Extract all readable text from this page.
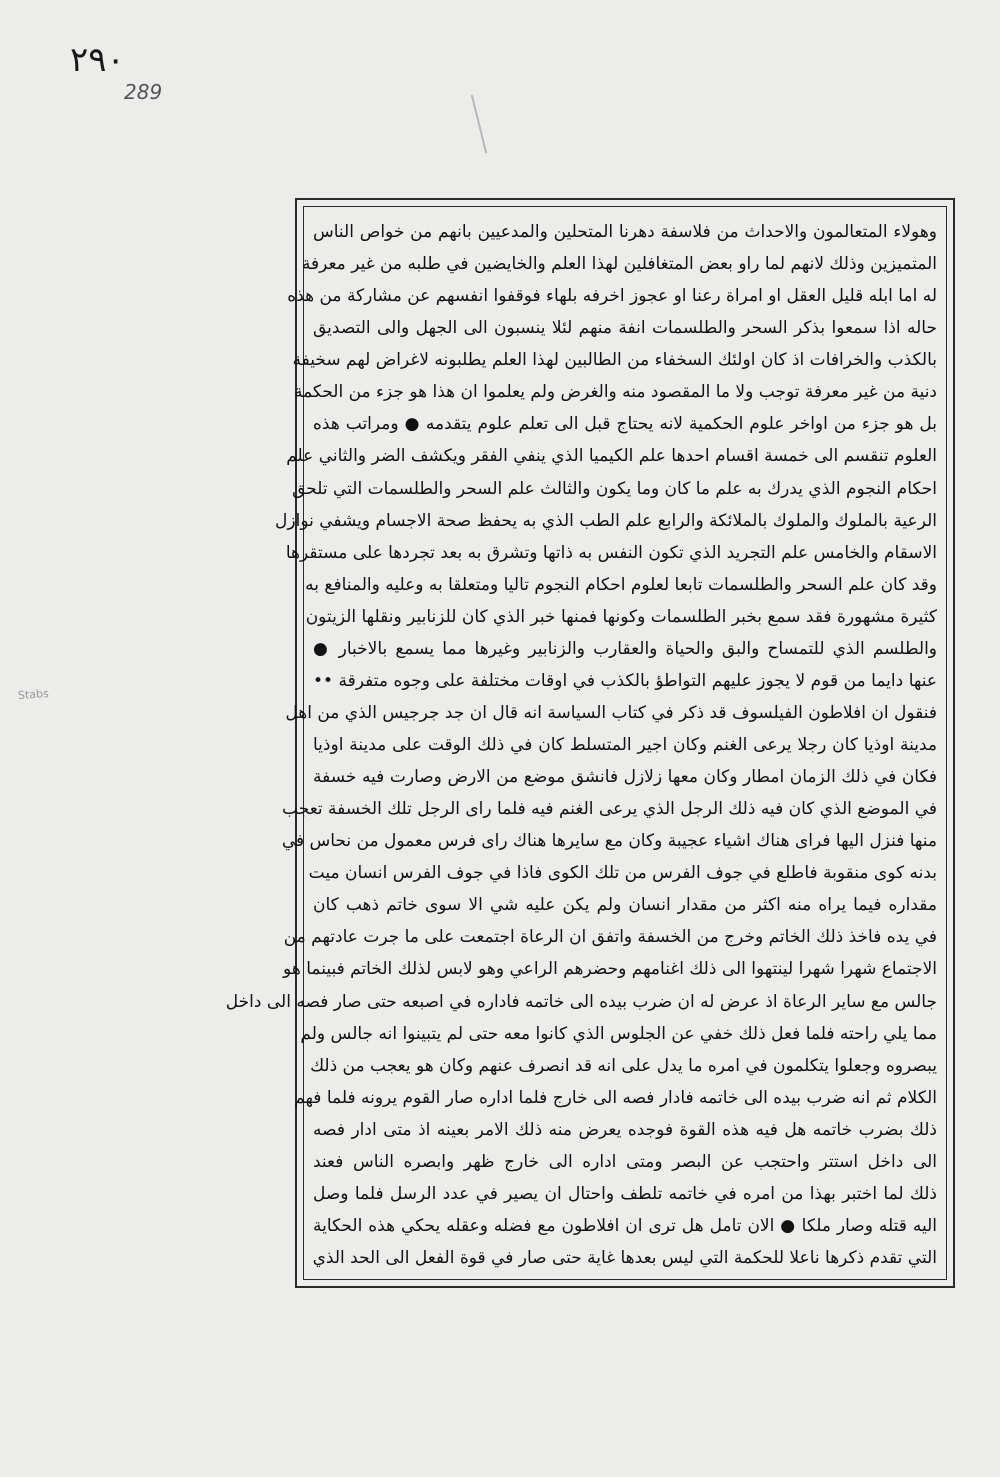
٢٩٠
289
Stabs
وهولاء المتعالمون والاحداث من فلاسفة دهرنا المتحلين والمدعيين بانهم من خواص الناس
المتميزين وذلك لانهم لما راو بعض المتغافلين لهذا العلم والخايضين في طلبه من غير معرفة
له اما ابله قليل العقل او امراة رعنا او عجوز اخرفه بلهاء فوقفوا انفسهم عن مشاركة من هذه
حاله اذا سمعوا بذكر السحر والطلسمات انفة منهم لئلا ينسبون الى الجهل والى التصديق
بالكذب والخرافات اذ كان اولئك السخفاء من الطالبين لهذا العلم يطلبونه لاغراض لهم سخيفة
دنية من غير معرفة توجب ولا ما المقصود منه والغرض ولم يعلموا ان هذا هو جزء من الحكمة
بل هو جزء من اواخر علوم الحكمية لانه يحتاج قبل الى تعلم علوم يتقدمه ● ومراتب هذه
العلوم تنقسم الى خمسة اقسام احدها علم الكيميا الذي ينفي الفقر ويكشف الضر والثاني علم
احكام النجوم الذي يدرك به علم ما كان وما يكون والثالث علم السحر والطلسمات التي تلحق
الرعية بالملوك والملوك بالملائكة والرابع علم الطب الذي به يحفظ صحة الاجسام ويشفي نوازل
الاسقام والخامس علم التجريد الذي تكون النفس به ذاتها وتشرق به بعد تجردها على مستقرها
وقد كان علم السحر والطلسمات تابعا لعلوم احكام النجوم تاليا ومتعلقا به وعليه والمنافع به
كثيرة مشهورة فقد سمع بخبر الطلسمات وكونها فمنها خبر الذي كان للزنابير ونقلها الزيتون
والطلسم الذي للتمساح والبق والحياة والعقارب والزنابير وغيرها مما يسمع بالاخبار ●
عنها دايما من قوم لا يجوز عليهم التواطؤ بالكذب في اوقات مختلفة على وجوه متفرقة ••
فنقول ان افلاطون الفيلسوف قد ذكر في كتاب السياسة انه قال ان جد جرجيس الذي من اهل
مدينة اوذيا كان رجلا يرعى الغنم وكان اجير المتسلط كان في ذلك الوقت على مدينة اوذيا
فكان في ذلك الزمان امطار وكان معها زلازل فانشق موضع من الارض وصارت فيه خسفة
في الموضع الذي كان فيه ذلك الرجل الذي يرعى الغنم فيه فلما راى الرجل تلك الخسفة تعجب
منها فنزل اليها فراى هناك اشياء عجيبة وكان مع سايرها هناك راى فرس معمول من نحاس في
بدنه كوى منقوبة فاطلع في جوف الفرس من تلك الكوى فاذا في جوف الفرس انسان ميت
مقداره فيما يراه منه اكثر من مقدار انسان ولم يكن عليه شي الا سوى خاتم ذهب كان
في يده فاخذ ذلك الخاتم وخرج من الخسفة واتفق ان الرعاة اجتمعت على ما جرت عادتهم من
الاجتماع شهرا شهرا لينتهوا الى ذلك اغنامهم وحضرهم الراعي وهو لابس لذلك الخاتم فبينما هو
جالس مع ساير الرعاة اذ عرض له ان ضرب بيده الى خاتمه فاداره في اصبعه حتى صار فصه الى داخل
مما يلي راحته فلما فعل ذلك خفي عن الجلوس الذي كانوا معه حتى لم يتبينوا انه جالس ولم
يبصروه وجعلوا يتكلمون في امره ما يدل على انه قد انصرف عنهم وكان هو يعجب من ذلك
الكلام ثم انه ضرب بيده الى خاتمه فادار فصه الى خارج فلما اداره صار القوم يرونه فلما فهم
ذلك بضرب خاتمه هل فيه هذه القوة فوجده يعرض منه ذلك الامر بعينه اذ متى ادار فصه
الى داخل استتر واحتجب عن البصر ومتى اداره الى خارج ظهر وابصره الناس فعند
ذلك لما اختبر بهذا من امره في خاتمه تلطف واحتال ان يصير في عدد الرسل فلما وصل
اليه قتله وصار ملكا ● الان تامل هل ترى ان افلاطون مع فضله وعقله يحكي هذه الحكاية
التي تقدم ذكرها ناعلا للحكمة التي ليس بعدها غاية حتى صار في قوة الفعل الى الحد الذي
